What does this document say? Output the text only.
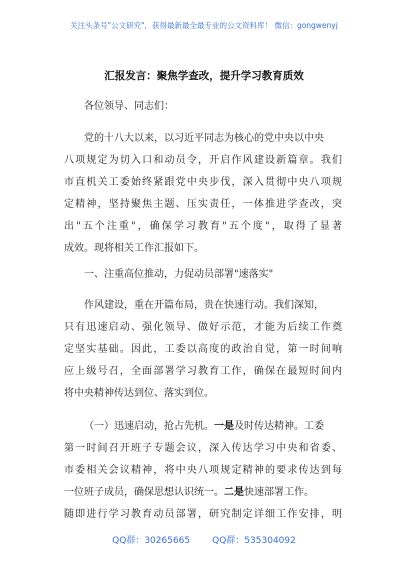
关注头条号"公文研究"，获得最新最全最专业的公文资料库！ 微信：gongwenyj
汇报发言：聚焦学查改，提升学习教育质效
各位领导、同志们：
党的十八大以来，以习近平同志为核心的党中央以中央
八项规定为切入口和动员令，开启作风建设新篇章。我们
市直机关工委始终紧跟党中央步伐，深入贯彻中央八项规
定精神，坚持聚焦主题、压实责任，一体推进学查改，突
出"五个注重"，确保学习教育"五个度"，取得了显著
成效。现将相关工作汇报如下。
一、注重高位推动，力促动员部署"速落实"
作风建设，重在开篇布局，贵在快速行动。我们深知，
只有迅速启动、强化领导、做好示范，才能为后续工作奠
定坚实基础。因此，工委以高度的政治自觉，第一时间响
应上级号召，全面部署学习教育工作，确保在最短时间内
将中央精神传达到位、落实到位。
（一）迅速启动，抢占先机。一是及时传达精神。工委
第一时间召开班子专题会议，深入传达学习中央和省委、
市委相关会议精神，将中央八项规定精神的要求传达到每
一位班子成员，确保思想认识统一。二是快速部署工作。
随即进行学习教育动员部署，研究制定详细工作安排，明
QQ群：30265665 QQ群：535304092
